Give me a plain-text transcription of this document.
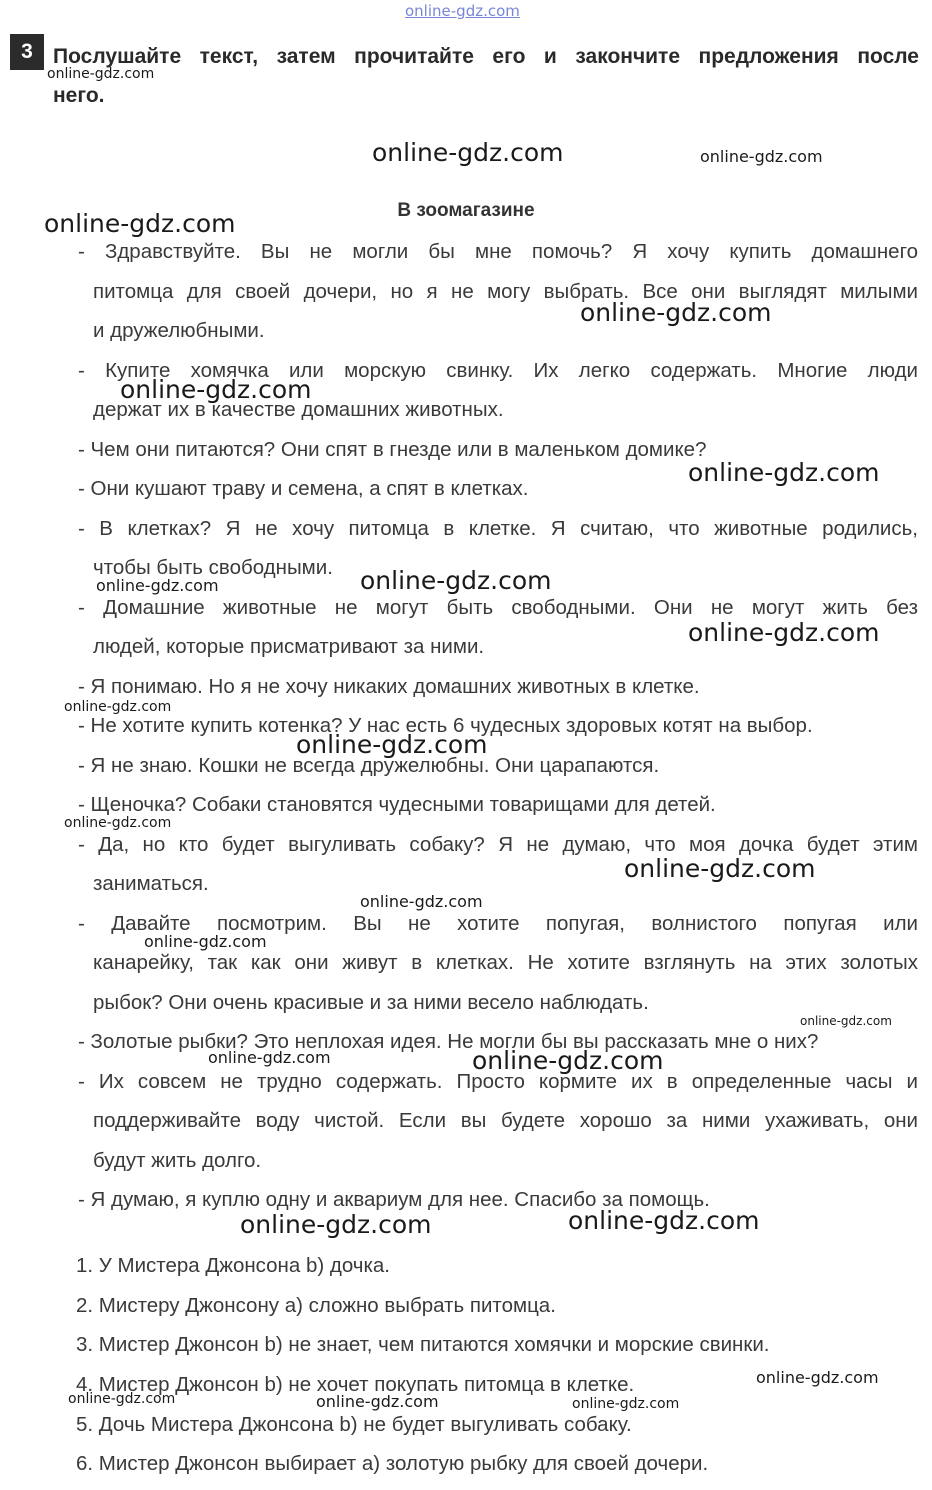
3 Послушайте текст, затем прочитайте его и закончите предложения после
него.
В зоомагазине
- Здравствуйте. Вы не могли бы мне помочь? Я хочу купить домашнего
питомца для своей дочери, но я не могу выбрать. Все они выглядят милыми
и дружелюбными.
- Купите хомячка или морскую свинку. Их легко содержать. Многие люди
держат их в качестве домашних животных.
- Чем они питаются? Они спят в гнезде или в маленьком домике?
- Они кушают траву и семена, а спят в клетках.
- В клетках? Я не хочу питомца в клетке. Я считаю, что животные родились,
чтобы быть свободными.
- Домашние животные не могут быть свободными. Они не могут жить без
людей, которые присматривают за ними.
- Я понимаю. Но я не хочу никаких домашних животных в клетке.
- Не хотите купить котенка? У нас есть 6 чудесных здоровых котят на выбор.
- Я не знаю. Кошки не всегда дружелюбны. Они царапаются.
- Щеночка? Собаки становятся чудесными товарищами для детей.
- Да, но кто будет выгуливать собаку? Я не думаю, что моя дочка будет этим
заниматься.
- Давайте посмотрим. Вы не хотите попугая, волнистого попугая или
канарейку, так как они живут в клетках. Не хотите взглянуть на этих золотых
рыбок? Они очень красивые и за ними весело наблюдать.
- Золотые рыбки? Это неплохая идея. Не могли бы вы рассказать мне о них?
- Их совсем не трудно содержать. Просто кормите их в определенные часы и
поддерживайте воду чистой. Если вы будете хорошо за ними ухаживать, они
будут жить долго.
- Я думаю, я куплю одну и аквариум для нее. Спасибо за помощь.
1. У Мистера Джонсона b) дочка.
2. Мистеру Джонсону a) сложно выбрать питомца.
3. Мистер Джонсон b) не знает, чем питаются хомячки и морские свинки.
4. Мистер Джонсон b) не хочет покупать питомца в клетке.
5. Дочь Мистера Джонсона b) не будет выгуливать собаку.
6. Мистер Джонсон выбирает a) золотую рыбку для своей дочери.
online-gdz.com
online-gdz.com
online-gdz.com	online-gdz.com
online-gdz.com
online-gdz.com
online-gdz.com
online-gdz.com
online-gdz.com	online-gdz.com
online-gdz.com
online-gdz.com
online-gdz.com
online-gdz.com
online-gdz.com
online-gdz.com
online-gdz.com
online-gdz.com
online-gdz.com	online-gdz.com
online-gdz.com	online-gdz.com
online-gdz.com
online-gdz.com	online-gdz.com	online-gdz.com
